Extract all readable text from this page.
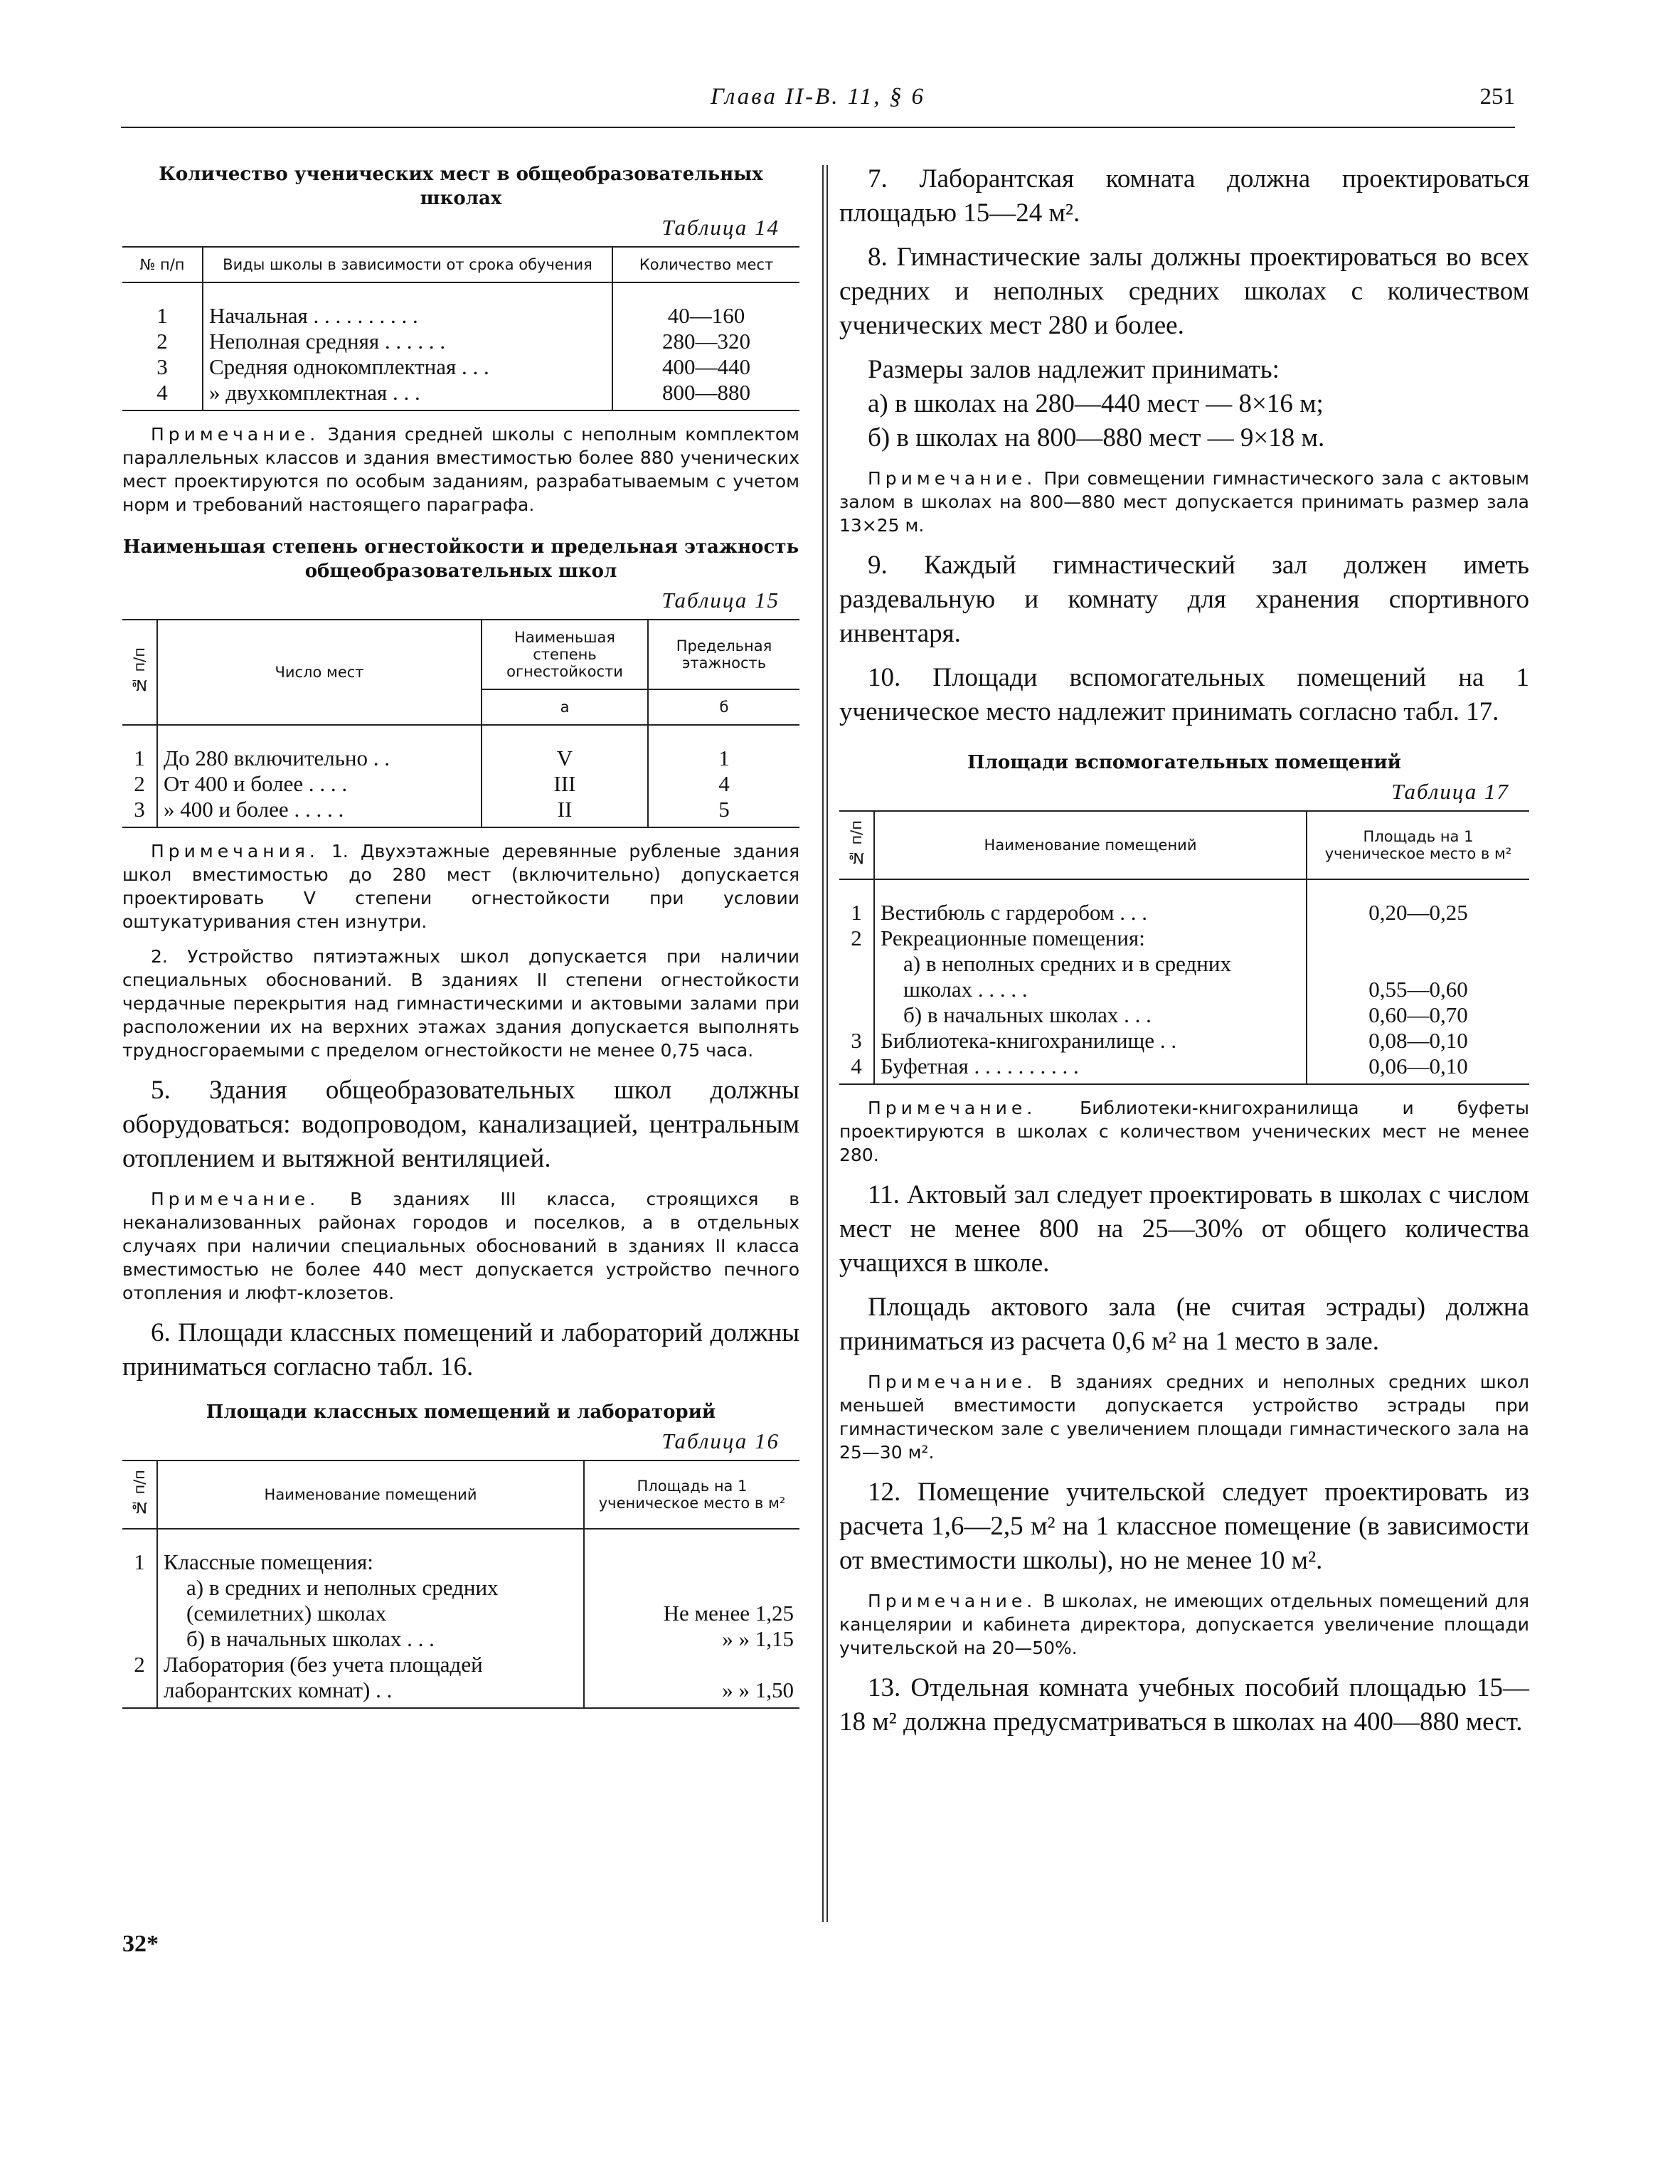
Глава II-В. 11, § 6	251

Количество ученических мест в общеобразовательных школах

Таблица 14
№ п/п	Виды школы в зависимости от срока обучения	Количество мест
1	Начальная . . . . . . . . . .	40—160
2	Неполная средняя . . . . . .	280—320
3	Средняя однокомплектная . . .	400—440
4	» двухкомплектная . . .	800—880

Примечание. Здания средней школы с неполным комплектом параллельных классов и здания вместимостью более 880 ученических мест проектируются по особым заданиям, разрабатываемым с учетом норм и требований настоящего параграфа.

Наименьшая степень огнестойкости и предельная этажность общеобразовательных школ

Таблица 15
№ п/п	Число мест	Наименьшая степень огнестойкости	Предельная этажность
		а	б
1	До 280 включительно . .	V	1
2	От 400 и более . . . .	III	4
3	» 400 и более . . . . .	II	5

Примечания. 1. Двухэтажные деревянные рубленые здания школ вместимостью до 280 мест (включительно) допускается проектировать V степени огнестойкости при условии оштукатуривания стен изнутри.

2. Устройство пятиэтажных школ допускается при наличии специальных обоснований. В зданиях II степени огнестойкости чердачные перекрытия над гимнастическими и актовыми залами при расположении их на верхних этажах здания допускается выполнять трудносгораемыми с пределом огнестойкости не менее 0,75 часа.

5. Здания общеобразовательных школ должны оборудоваться: водопроводом, канализацией, центральным отоплением и вытяжной вентиляцией.

Примечание. В зданиях III класса, строящихся в неканализованных районах городов и поселков, а в отдельных случаях при наличии специальных обоснований в зданиях II класса вместимостью не более 440 мест допускается устройство печного отопления и люфт-клозетов.

6. Площади классных помещений и лабораторий должны приниматься согласно табл. 16.

Площади классных помещений и лабораторий

Таблица 16
№ п/п	Наименование помещений	Площадь на 1 ученическое место в м²
1	Классные помещения:	
	а) в средних и неполных средних (семилетних) школах	Не менее 1,25
	б) в начальных школах . . .	» » 1,15
2	Лаборатория (без учета площадей лаборантских комнат) . .	» » 1,50

7. Лаборантская комната должна проектироваться площадью 15—24 м².

8. Гимнастические залы должны проектироваться во всех средних и неполных средних школах с количеством ученических мест 280 и более.

Размеры залов надлежит принимать:

а) в школах на 280—440 мест — 8×16 м;

б) в школах на 800—880 мест — 9×18 м.

Примечание. При совмещении гимнастического зала с актовым залом в школах на 800—880 мест допускается принимать размер зала 13×25 м.

9. Каждый гимнастический зал должен иметь раздевальную и комнату для хранения спортивного инвентаря.

10. Площади вспомогательных помещений на 1 ученическое место надлежит принимать согласно табл. 17.

Площади вспомогательных помещений

Таблица 17
№ п/п	Наименование помещений	Площадь на 1 ученическое место в м²
1	Вестибюль с гардеробом . . .	0,20—0,25
2	Рекреационные помещения:	
	а) в неполных средних и в средних школах . . . . .	0,55—0,60
	б) в начальных школах . . .	0,60—0,70
3	Библиотека-книгохранилище . .	0,08—0,10
4	Буфетная . . . . . . . . . .	0,06—0,10

Примечание. Библиотеки-книгохранилища и буфеты проектируются в школах с количеством ученических мест не менее 280.

11. Актовый зал следует проектировать в школах с числом мест не менее 800 на 25—30% от общего количества учащихся в школе.

Площадь актового зала (не считая эстрады) должна приниматься из расчета 0,6 м² на 1 место в зале.

Примечание. В зданиях средних и неполных средних школ меньшей вместимости допускается устройство эстрады при гимнастическом зале с увеличением площади гимнастического зала на 25—30 м².

12. Помещение учительской следует проектировать из расчета 1,6—2,5 м² на 1 классное помещение (в зависимости от вместимости школы), но не менее 10 м².

Примечание. В школах, не имеющих отдельных помещений для канцелярии и кабинета директора, допускается увеличение площади учительской на 20—50%.

13. Отдельная комната учебных пособий площадью 15—18 м² должна предусматриваться в школах на 400—880 мест.

32*
